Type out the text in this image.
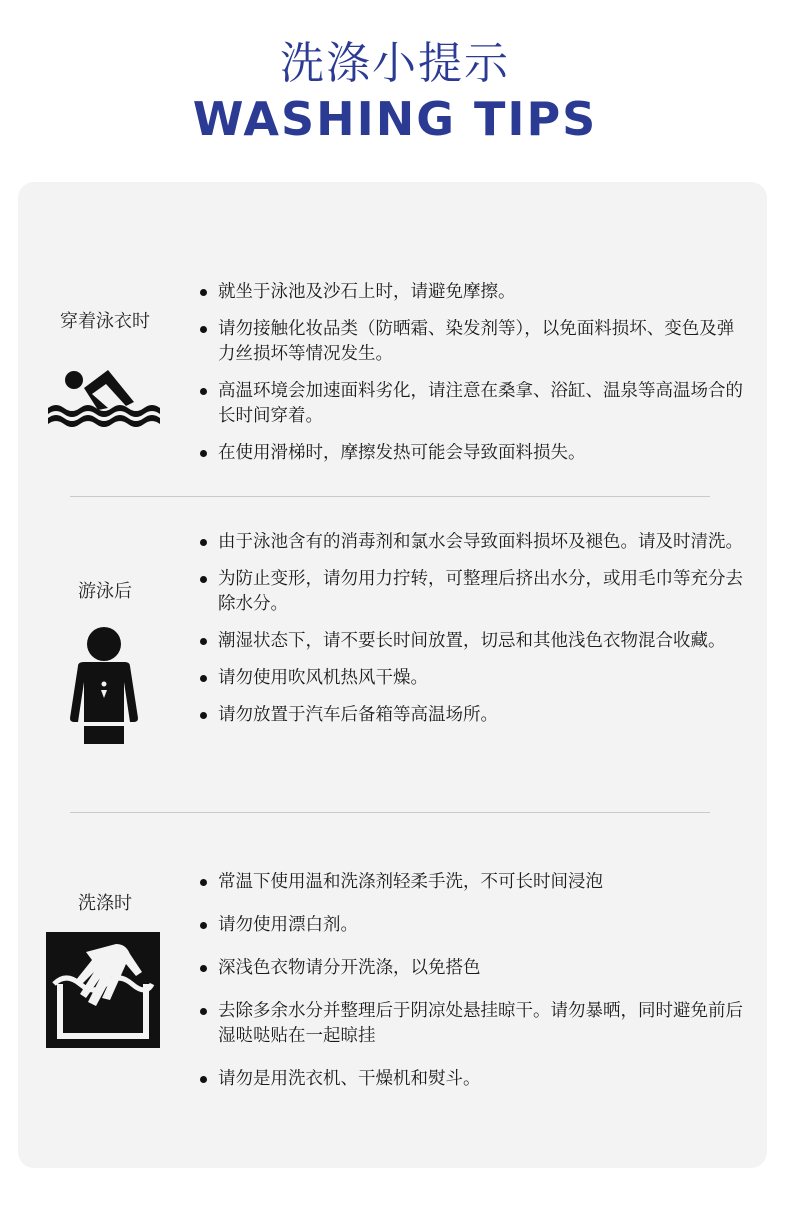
洗涤小提示
WASHING TIPS
穿着泳衣时
就坐于泳池及沙石上时，请避免摩擦。
请勿接触化妆品类（防晒霜、染发剂等），以免面料损坏、变色及弹力丝损坏等情况发生。
高温环境会加速面料劣化，请注意在桑拿、浴缸、温泉等高温场合的长时间穿着。
在使用滑梯时，摩擦发热可能会导致面料损失。
游泳后
由于泳池含有的消毒剂和氯水会导致面料损坏及褪色。请及时清洗。
为防止变形，请勿用力拧转，可整理后挤出水分，或用毛巾等充分去除水分。
潮湿状态下，请不要长时间放置，切忌和其他浅色衣物混合收藏。
请勿使用吹风机热风干燥。
请勿放置于汽车后备箱等高温场所。
洗涤时
常温下使用温和洗涤剂轻柔手洗，不可长时间浸泡
请勿使用漂白剂。
深浅色衣物请分开洗涤，以免搭色
去除多余水分并整理后于阴凉处悬挂晾干。请勿暴晒，同时避免前后湿哒哒贴在一起晾挂
请勿是用洗衣机、干燥机和熨斗。
